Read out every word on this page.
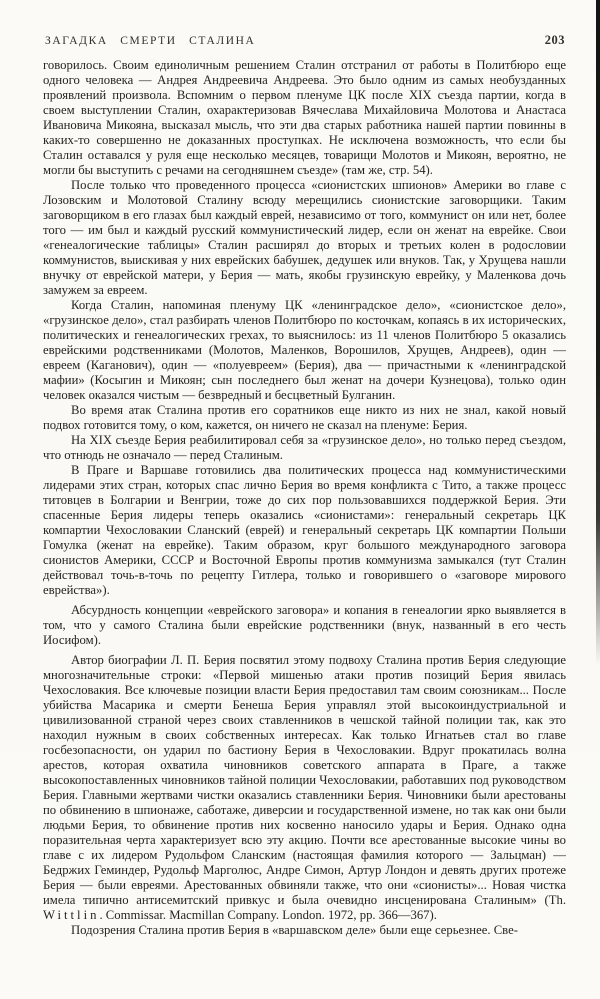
ЗАГАДКА СМЕРТИ СТАЛИНА	203

говорилось. Своим единоличным решением Сталин отстранил от работы в Политбюро еще одного человека — Андрея Андреевича Андреева. Это было одним из самых необузданных проявлений произвола. Вспомним о первом пленуме ЦК после XIX съезда партии, когда в своем выступлении Сталин, охарактеризовав Вячеслава Михайловича Молотова и Анастаса Ивановича Микояна, высказал мысль, что эти два старых работника нашей партии повинны в каких-то совершенно не доказанных проступках. Не исключена возможность, что если бы Сталин оставался у руля еще несколько месяцев, товарищи Молотов и Микоян, вероятно, не могли бы выступить с речами на сегодняшнем съезде» (там же, стр. 54).

После только что проведенного процесса «сионистских шпионов» Америки во главе с Лозовским и Молотовой Сталину всюду мерещились сионистские заговорщики. Таким заговорщиком в его глазах был каждый еврей, независимо от того, коммунист он или нет, более того — им был и каждый русский коммунистический лидер, если он женат на еврейке. Свои «генеалогические таблицы» Сталин расширял до вторых и третьих колен в родословии коммунистов, выискивая у них еврейских бабушек, дедушек или внуков. Так, у Хрущева нашли внучку от еврейской матери, у Берия — мать, якобы грузинскую еврейку, у Маленкова дочь замужем за евреем.

Когда Сталин, напоминая пленуму ЦК «ленинградское дело», «сионистское дело», «грузинское дело», стал разбирать членов Политбюро по косточкам, копаясь в их исторических, политических и генеалогических грехах, то выяснилось: из 11 членов Политбюро 5 оказались еврейскими родственниками (Молотов, Маленков, Ворошилов, Хрущев, Андреев), один — евреем (Каганович), один — «полуевреем» (Берия), два — причастными к «ленинградской мафии» (Косыгин и Микоян; сын последнего был женат на дочери Кузнецова), только один человек оказался чистым — безвредный и бесцветный Булганин.

Во время атак Сталина против его соратников еще никто из них не знал, какой новый подвох готовится тому, о ком, кажется, он ничего не сказал на пленуме: Берия.

На XIX съезде Берия реабилитировал себя за «грузинское дело», но только перед съездом, что отнюдь не означало — перед Сталиным.

В Праге и Варшаве готовились два политических процесса над коммунистическими лидерами этих стран, которых спас лично Берия во время конфликта с Тито, а также процесс титовцев в Болгарии и Венгрии, тоже до сих пор пользовавшихся поддержкой Берия. Эти спасенные Берия лидеры теперь оказались «сионистами»: генеральный секретарь ЦК компартии Чехословакии Сланский (еврей) и генеральный секретарь ЦК компартии Польши Гомулка (женат на еврейке). Таким образом, круг большого международного заговора сионистов Америки, СССР и Восточной Европы против коммунизма замыкался (тут Сталин действовал точь-в-точь по рецепту Гитлера, только и говорившего о «заговоре мирового еврейства»).

Абсурдность концепции «еврейского заговора» и копания в генеалогии ярко выявляется в том, что у самого Сталина были еврейские родственники (внук, названный в его честь Иосифом).

Автор биографии Л. П. Берия посвятил этому подвоху Сталина против Берия следующие многозначительные строки: «Первой мишенью атаки против позиций Берия явилась Чехословакия. Все ключевые позиции власти Берия предоставил там своим союзникам... После убийства Масарика и смерти Бенеша Берия управлял этой высокоиндустриальной и цивилизованной страной через своих ставленников в чешской тайной полиции так, как это находил нужным в своих собственных интересах. Как только Игнатьев стал во главе госбезопасности, он ударил по бастиону Берия в Чехословакии. Вдруг прокатилась волна арестов, которая охватила чиновников советского аппарата в Праге, а также высокопоставленных чиновников тайной полиции Чехословакии, работавших под руководством Берия. Главными жертвами чистки оказались ставленники Берия. Чиновники были арестованы по обвинению в шпионаже, саботаже, диверсии и государственной измене, но так как они были людьми Берия, то обвинение против них косвенно наносило удары и Берия. Однако одна поразительная черта характеризует всю эту акцию. Почти все арестованные высокие чины во главе с их лидером Рудольфом Сланским (настоящая фамилия которого — Зальцман) — Бедржих Геминдер, Рудольф Марголюс, Андре Симон, Артур Лондон и девять других протеже Берия — были евреями. Арестованных обвиняли также, что они «сионисты»... Новая чистка имела типично антисемитский привкус и была очевидно инсценирована Сталиным» (Th. Wittlin. Commissar. Macmillan Company. London. 1972, pp. 366—367).

Подозрения Сталина против Берия в «варшавском деле» были еще серьезнее. Све-
